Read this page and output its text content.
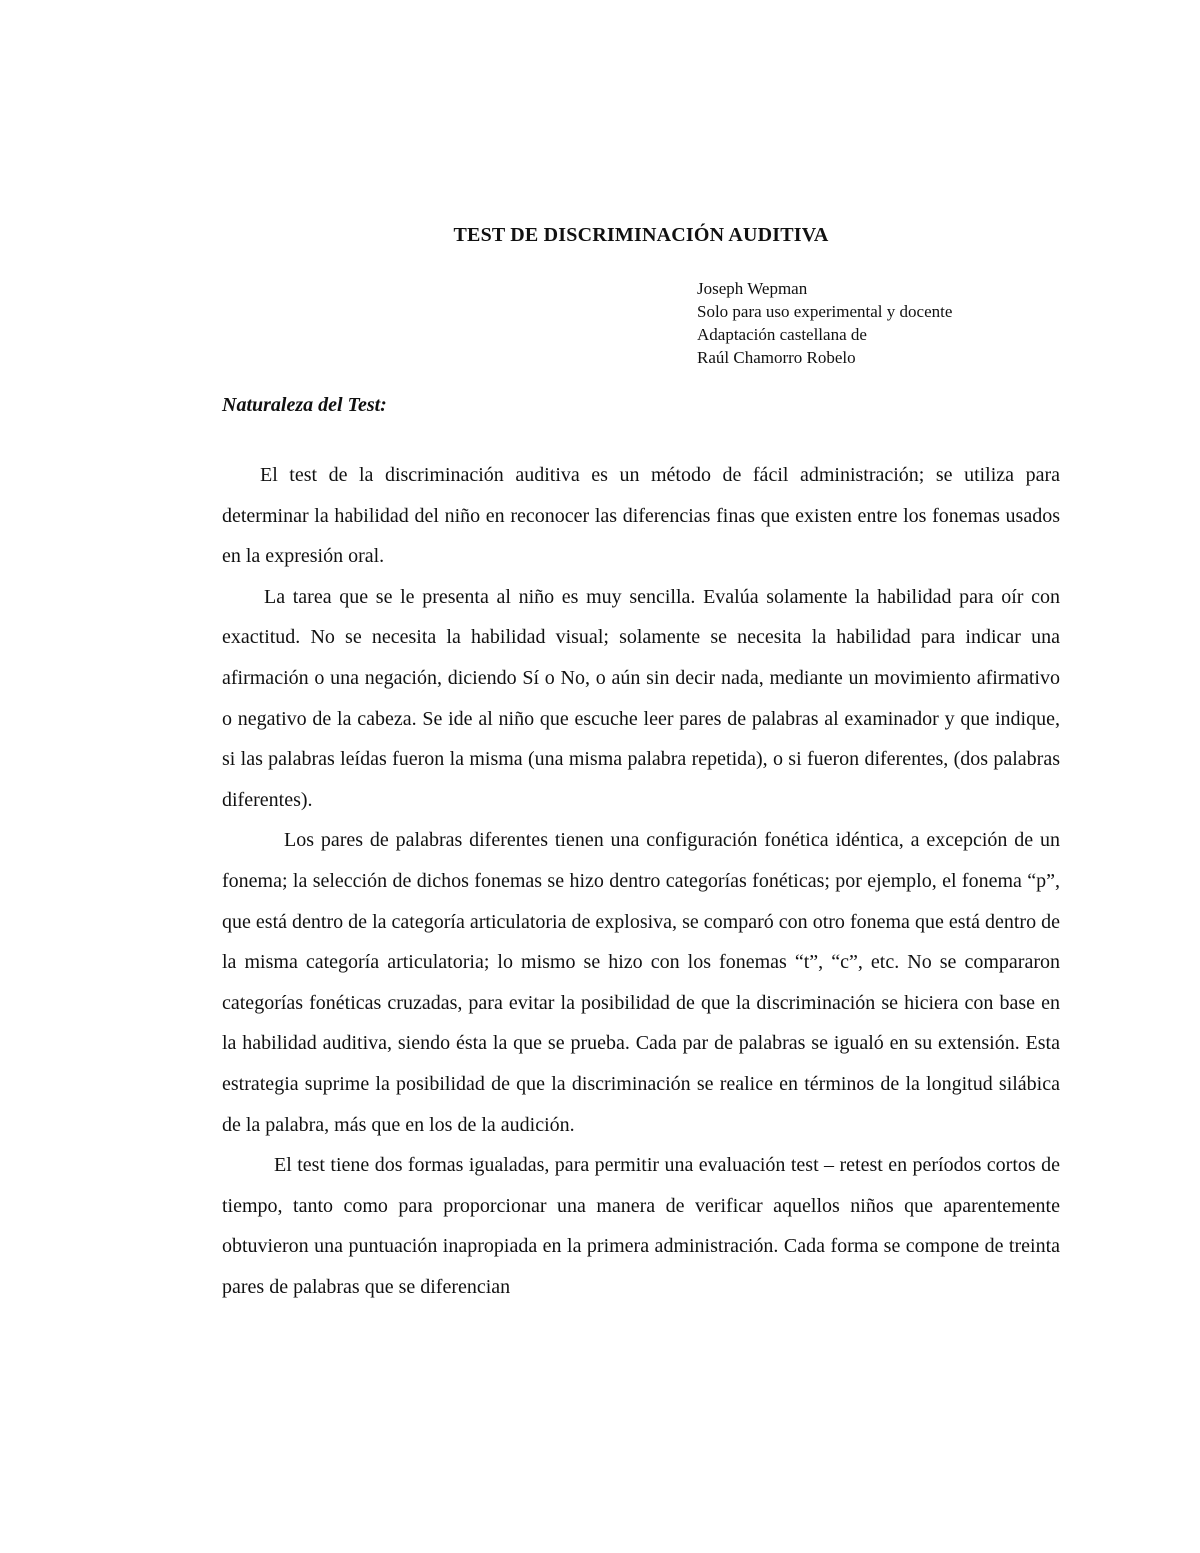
TEST DE DISCRIMINACIÓN AUDITIVA
Joseph Wepman
Solo para uso experimental y docente
Adaptación castellana de
Raúl Chamorro Robelo
Naturaleza del Test:

El test de la discriminación auditiva es un método de fácil administración; se utiliza para determinar la habilidad del niño en reconocer las diferencias finas que existen entre los fonemas usados en la expresión oral.

La tarea que se le presenta al niño es muy sencilla. Evalúa solamente la habilidad para oír con exactitud. No se necesita la habilidad visual; solamente se necesita la habilidad para indicar una afirmación o una negación, diciendo Sí o No, o aún sin decir nada, mediante un movimiento afirmativo o negativo de la cabeza. Se ide al niño que escuche leer pares de palabras al examinador y que indique, si las palabras leídas fueron la misma (una misma palabra repetida), o si fueron diferentes, (dos palabras diferentes).

Los pares de palabras diferentes tienen una configuración fonética idéntica, a excepción de un fonema; la selección de dichos fonemas se hizo dentro categorías fonéticas; por ejemplo, el fonema “p”, que está dentro de la categoría articulatoria de explosiva, se comparó con otro fonema que está dentro de la misma categoría articulatoria; lo mismo se hizo con los fonemas “t”, “c”, etc. No se compararon categorías fonéticas cruzadas, para evitar la posibilidad de que la discriminación se hiciera con base en la habilidad auditiva, siendo ésta la que se prueba. Cada par de palabras se igualó en su extensión. Esta estrategia suprime la posibilidad de que la discriminación se realice en términos de la longitud silábica de la palabra, más que en los de la audición.

El test tiene dos formas igualadas, para permitir una evaluación test – retest en períodos cortos de tiempo, tanto como para proporcionar una manera de verificar aquellos niños que aparentemente obtuvieron una puntuación inapropiada en la primera administración. Cada forma se compone de treinta pares de palabras que se diferencian
